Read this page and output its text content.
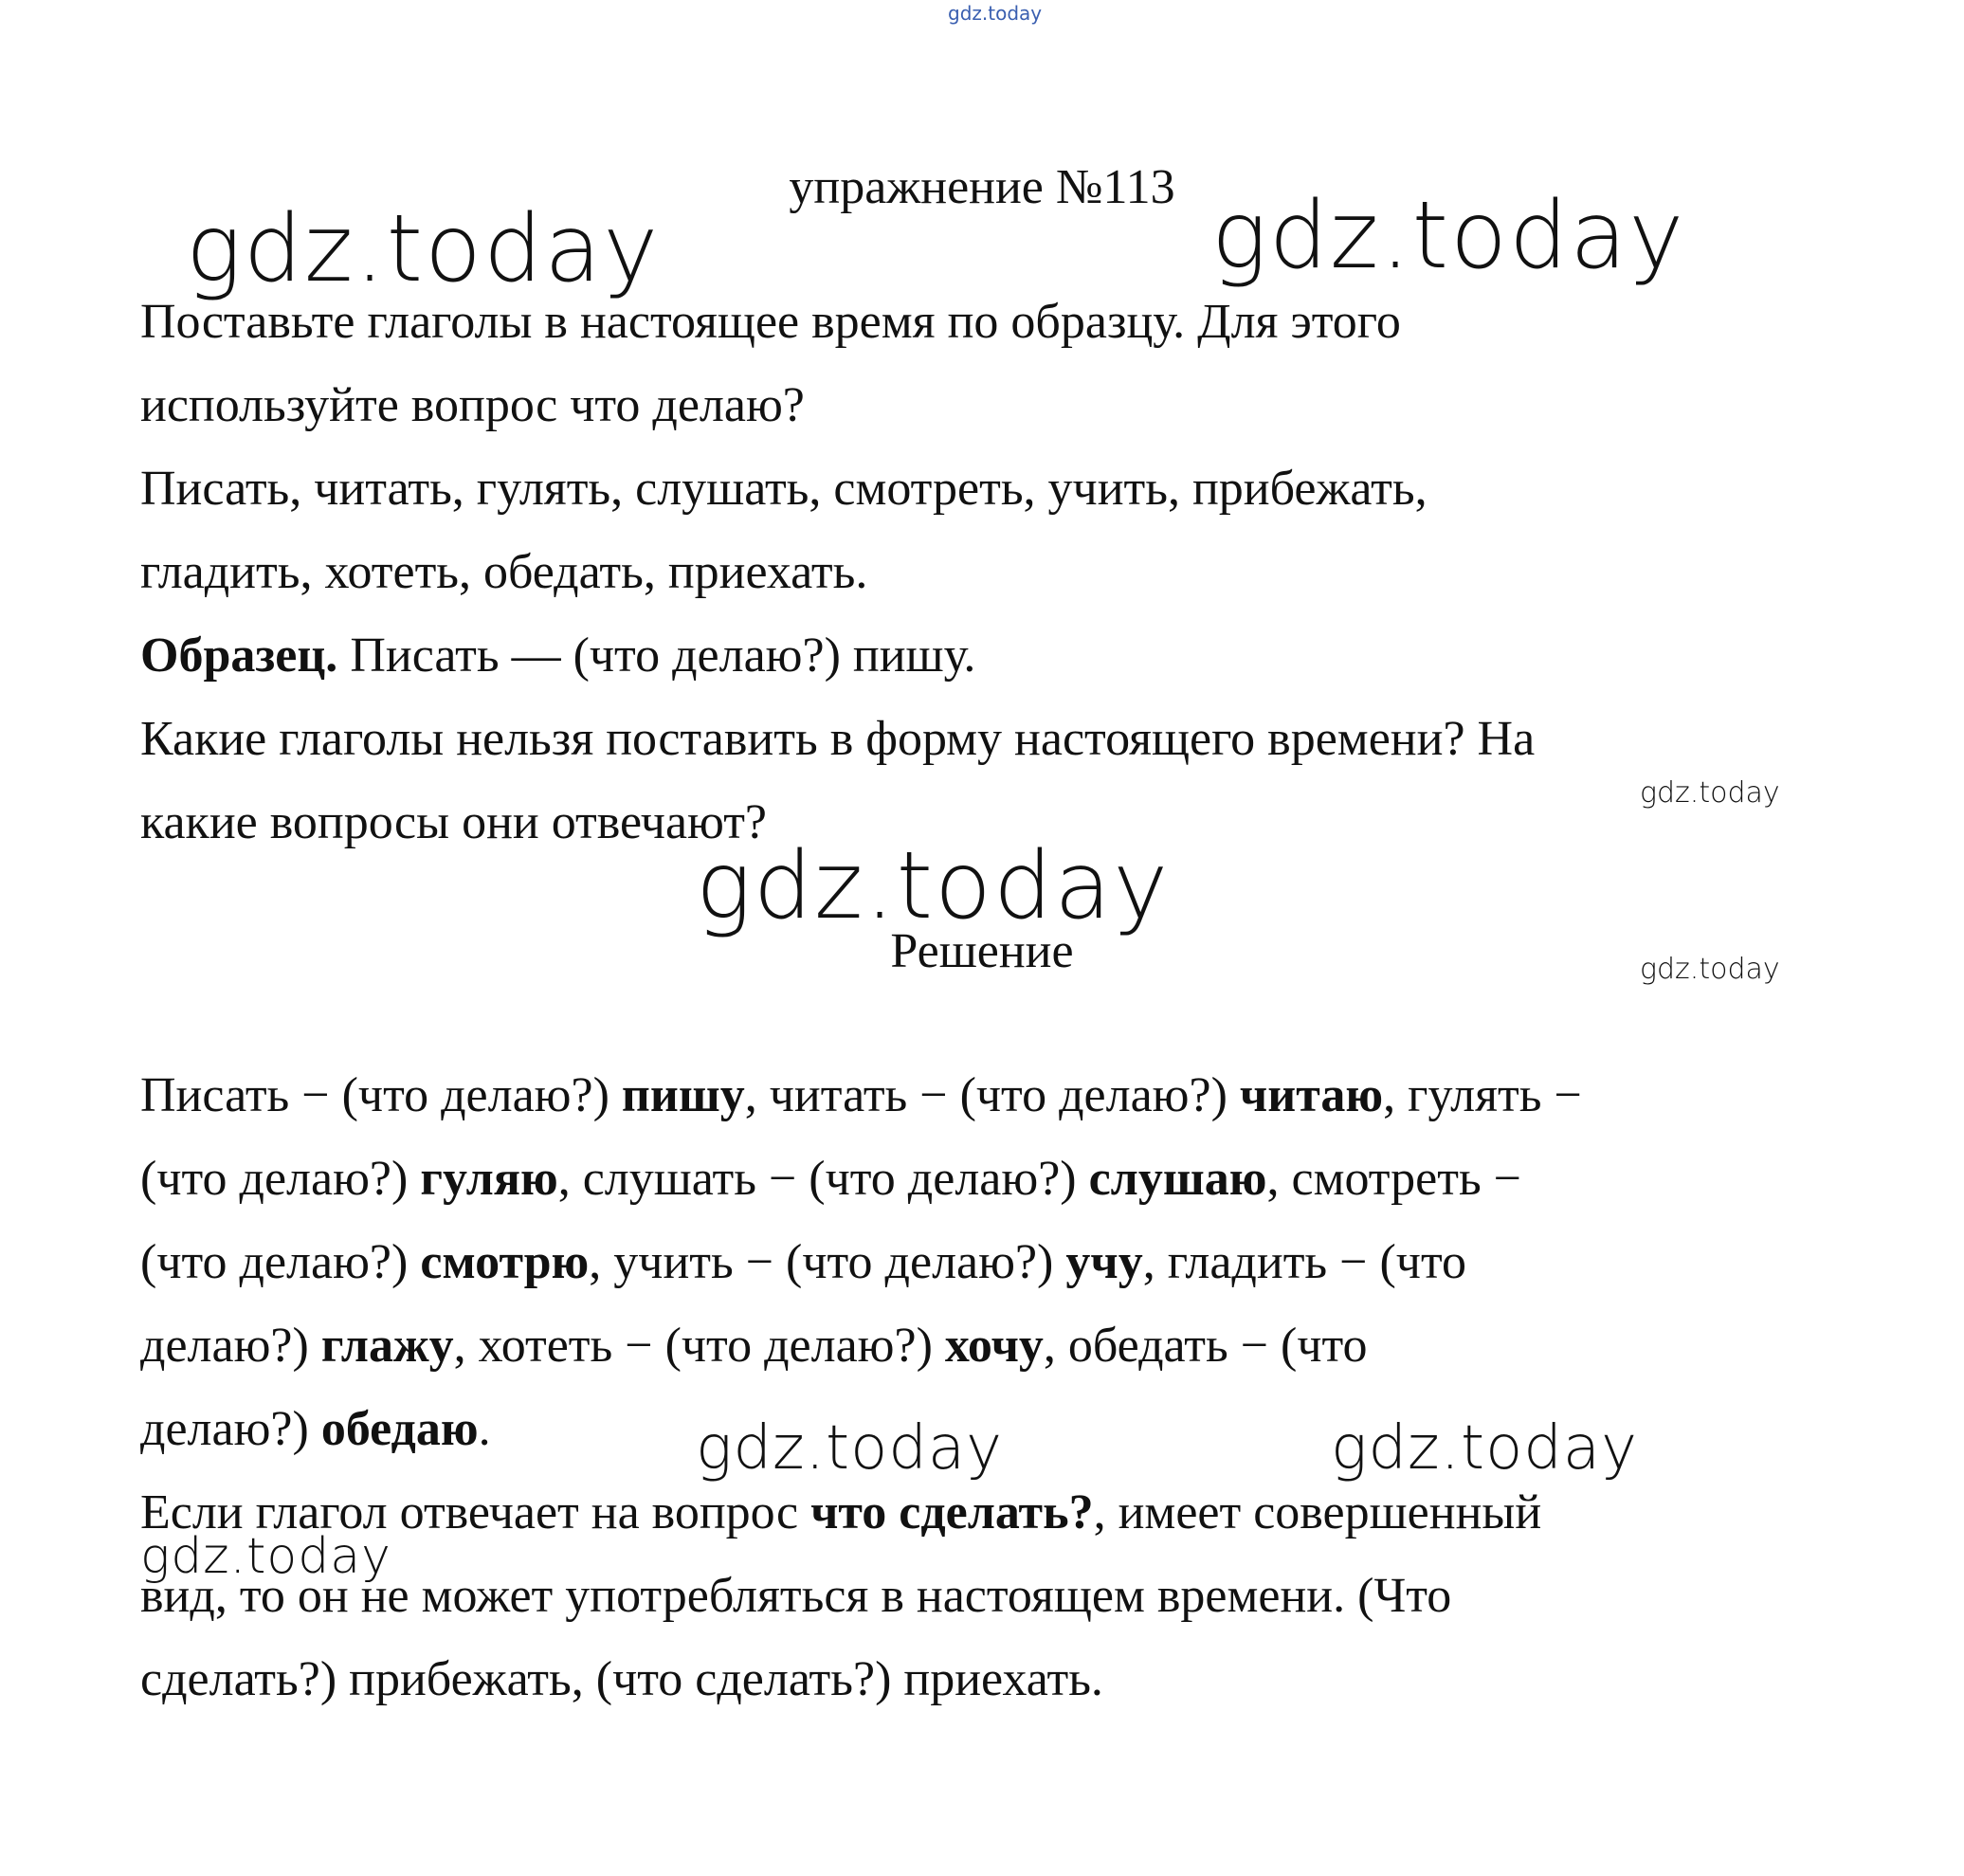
gdz.today
упражнение №113
gdz.today	gdz.today

Поставьте глаголы в настоящее время по образцу. Для этого

используйте вопрос что делаю?

Писать, читать, гулять, слушать, смотреть, учить, прибежать,

гладить, хотеть, обедать, приехать.

Образец. Писать — (что делаю?) пишу.

Какие глаголы нельзя поставить в форму настоящего времени? На

какие вопросы они отвечают?

gdz.today
gdz.today
Решение	gdz.today

Писать − (что делаю?) пишу, читать − (что делаю?) читаю, гулять −

(что делаю?) гуляю, слушать − (что делаю?) слушаю, смотреть −

(что делаю?) смотрю, учить − (что делаю?) учу, гладить − (что

делаю?) глажу, хотеть − (что делаю?) хочу, обедать − (что

делаю?) обедаю.

Если глагол отвечает на вопрос что сделать?, имеет совершенный

вид, то он не может употребляться в настоящем времени. (Что

сделать?) прибежать, (что сделать?) приехать.

gdz.today	gdz.today
gdz.today
